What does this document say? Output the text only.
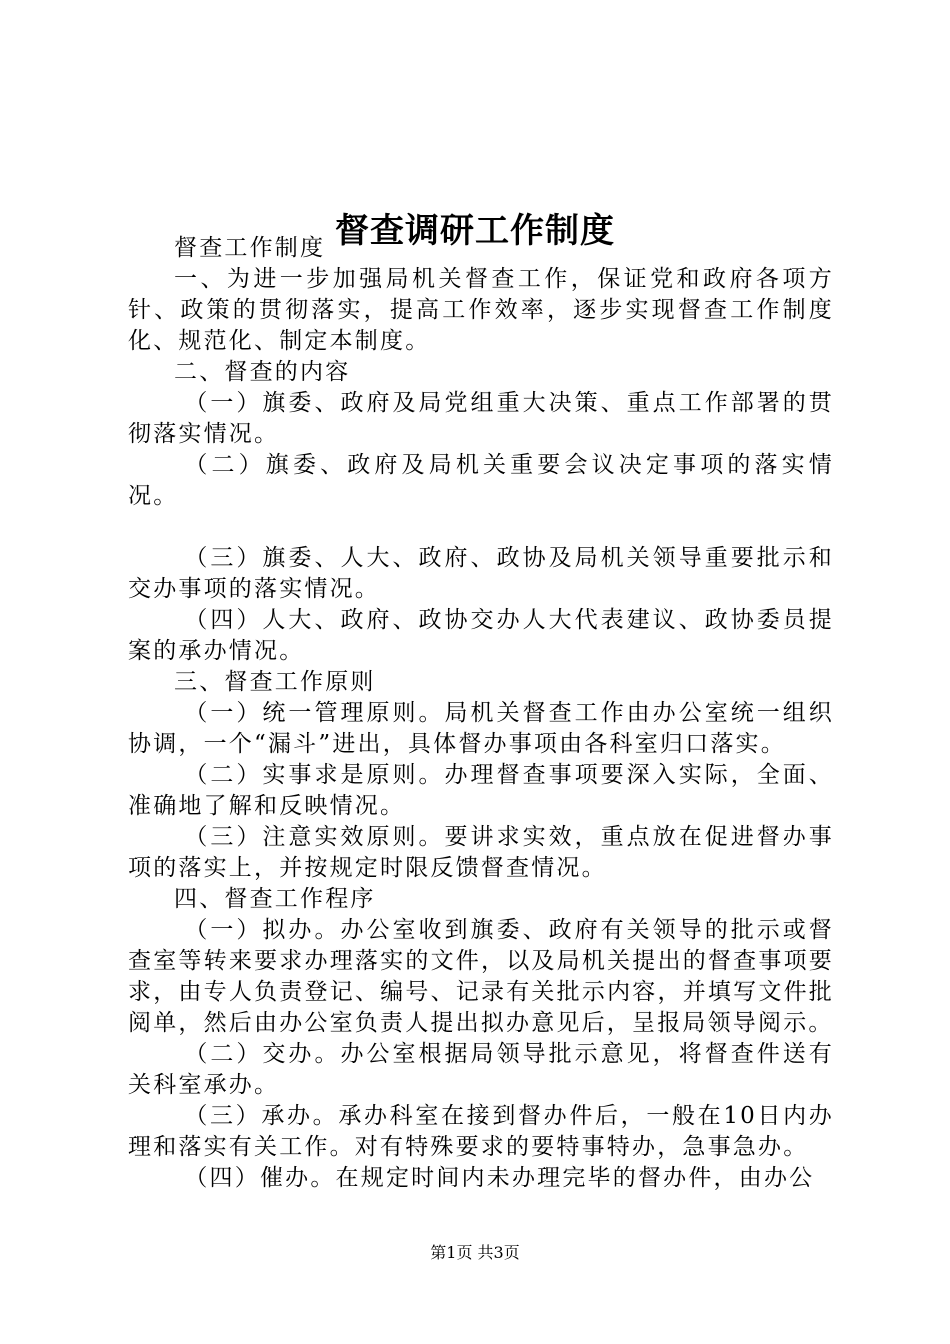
督查调研工作制度

督查工作制度

一、为进一步加强局机关督查工作，保证党和政府各项方针、政策的贯彻落实，提高工作效率，逐步实现督查工作制度化、规范化、制定本制度。

二、督查的内容

（一）旗委、政府及局党组重大决策、重点工作部署的贯彻落实情况。

（二）旗委、政府及局机关重要会议决定事项的落实情况。

（三）旗委、人大、政府、政协及局机关领导重要批示和交办事项的落实情况。

（四）人大、政府、政协交办人大代表建议、政协委员提案的承办情况。

三、督查工作原则

（一）统一管理原则。局机关督查工作由办公室统一组织协调，一个“漏斗”进出，具体督办事项由各科室归口落实。

（二）实事求是原则。办理督查事项要深入实际，全面、准确地了解和反映情况。

（三）注意实效原则。要讲求实效，重点放在促进督办事项的落实上，并按规定时限反馈督查情况。

四、督查工作程序

（一）拟办。办公室收到旗委、政府有关领导的批示或督查室等转来要求办理落实的文件，以及局机关提出的督查事项要求，由专人负责登记、编号、记录有关批示内容，并填写文件批阅单，然后由办公室负责人提出拟办意见后，呈报局领导阅示。

（二）交办。办公室根据局领导批示意见，将督查件送有关科室承办。

（三）承办。承办科室在接到督办件后，一般在10日内办理和落实有关工作。对有特殊要求的要特事特办，急事急办。

（四）催办。在规定时间内未办理完毕的督办件，由办公

第1页 共3页
